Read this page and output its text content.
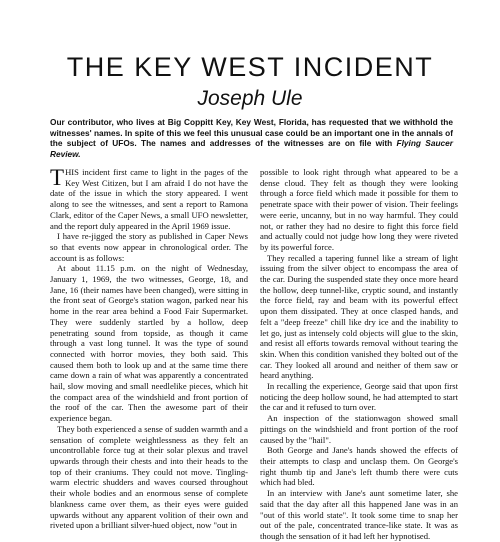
THE KEY WEST INCIDENT
Joseph Ule

Our contributor, who lives at Big Coppitt Key, Key West, Florida, has requested that we withhold the witnesses' names. In spite of this we feel this unusual case could be an important one in the annals of the subject of UFOs. The names and addresses of the witnesses are on file with Flying Saucer Review.

THIS incident first came to light in the pages of the Key West Citizen, but I am afraid I do not have the date of the issue in which the story appeared. I went along to see the witnesses, and sent a report to Ramona Clark, editor of the Caper News, a small UFO newsletter, and the report duly appeared in the April 1969 issue.

I have re-jigged the story as published in Caper News so that events now appear in chronological order. The account is as follows:

At about 11.15 p.m. on the night of Wednesday, January 1, 1969, the two witnesses, George, 18, and Jane, 16 (their names have been changed), were sitting in the front seat of George's station wagon, parked near his home in the rear area behind a Food Fair Supermarket. They were suddenly startled by a hollow, deep penetrating sound from topside, as though it came through a vast long tunnel. It was the type of sound connected with horror movies, they both said. This caused them both to look up and at the same time there came down a rain of what was apparently a concentrated hail, slow moving and small needlelike pieces, which hit the compact area of the windshield and front portion of the roof of the car. Then the awesome part of their experience began.

They both experienced a sense of sudden warmth and a sensation of complete weightlessness as they felt an uncontrollable force tug at their solar plexus and travel upwards through their chests and into their heads to the top of their craniums. They could not move. Tingling-warm electric shudders and waves coursed throughout their whole bodies and an enormous sense of complete blankness came over them, as their eyes were guided upwards without any apparent volition of their own and riveted upon a brilliant silver-hued object, now "out in

possible to look right through what appeared to be a dense cloud. They felt as though they were looking through a force field which made it possible for them to penetrate space with their power of vision. Their feelings were eerie, uncanny, but in no way harmful. They could not, or rather they had no desire to fight this force field and actually could not judge how long they were riveted by its powerful force.

They recalled a tapering funnel like a stream of light issuing from the silver object to encompass the area of the car. During the suspended state they once more heard the hollow, deep tunnel-like, cryptic sound, and instantly the force field, ray and beam with its powerful effect upon them dissipated. They at once clasped hands, and felt a "deep freeze" chill like dry ice and the inability to let go, just as intensely cold objects will glue to the skin, and resist all efforts towards removal without tearing the skin. When this condition vanished they bolted out of the car. They looked all around and neither of them saw or heard anything.

In recalling the experience, George said that upon first noticing the deep hollow sound, he had attempted to start the car and it refused to turn over.

An inspection of the stationwagon showed small pittings on the windshield and front portion of the roof caused by the "hail".

Both George and Jane's hands showed the effects of their attempts to clasp and unclasp them. On George's right thumb tip and Jane's left thumb there were cuts which had bled.

In an interview with Jane's aunt sometime later, she said that the day after all this happened Jane was in an "out of this world state". It took some time to snap her out of the pale, concentrated trance-like state. It was as though the sensation of it had left her hypnotised.
